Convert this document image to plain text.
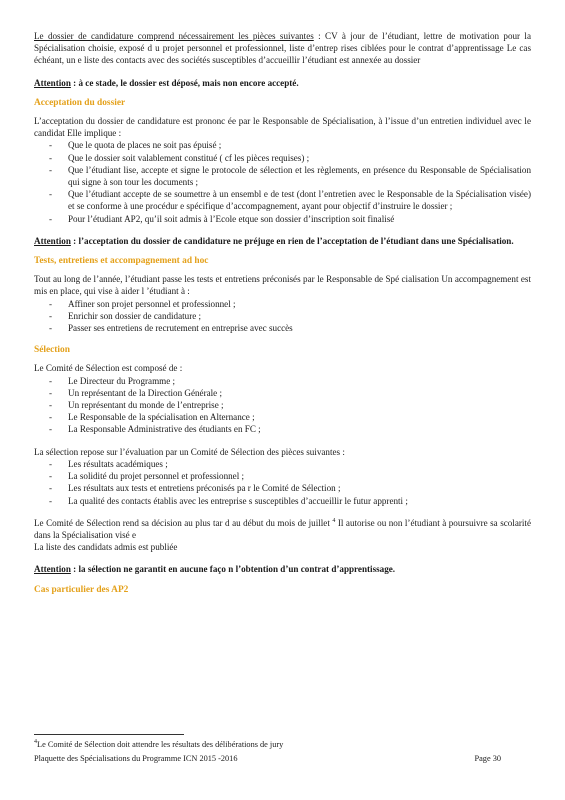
Le dossier de candidature comprend nécessairement les pièces suivantes : CV à jour de l’étudiant, lettre de motivation pour la Spécialisation choisie, exposé d u projet personnel et professionnel, liste d’entrep rises ciblées pour le contrat d’apprentissage Le cas échéant, un e liste des contacts avec des sociétés susceptibles d’accueillir l’étudiant est annexée au dossier

Attention : à ce stade, le dossier est déposé, mais non encore accepté.

Acceptation du dossier

L’acceptation du dossier de candidature est prononc ée par le Responsable de Spécialisation, à l’issue d’un entretien individuel avec le candidat Elle implique :

- Que le quota de places ne soit pas épuisé ;
- Que le dossier soit valablement constitué ( cf les pièces requises) ;
- Que l’étudiant lise, accepte et signe le protocole de sélection et les règlements, en présence du Responsable de Spécialisation qui signe à son tour les documents ;
- Que l’étudiant accepte de se soumettre à un ensembl e de test (dont l’entretien avec le Responsable de la Spécialisation visée) et se conforme à une procédur e spécifique d’accompagnement, ayant pour objectif d’instruire le dossier ;
- Pour l’étudiant AP2, qu’il soit admis à l’Ecole etque son dossier d’inscription soit finalisé

Attention : l’acceptation du dossier de candidature ne préjuge en rien de l’acceptation de l’étudiant dans une Spécialisation.

Tests, entretiens et accompagnement ad hoc

Tout au long de l’année, l’étudiant passe les tests et entretiens préconisés par le Responsable de Spé cialisation Un accompagnement est mis en place, qui vise à aider l ’étudiant à :

- Affiner son projet personnel et professionnel ;
- Enrichir son dossier de candidature ;
- Passer ses entretiens de recrutement en entreprise avec succès

Sélection

Le Comité de Sélection est composé de :

- Le Directeur du Programme ;
- Un représentant de la Direction Générale ;
- Un représentant du monde de l’entreprise ;
- Le Responsable de la spécialisation en Alternance ;
- La Responsable Administrative des étudiants en FC ;

La sélection repose sur l’évaluation par un Comité de Sélection des pièces suivantes :

- Les résultats académiques ;
- La solidité du projet personnel et professionnel ;
- Les résultats aux tests et entretiens préconisés pa r le Comité de Sélection ;
- La qualité des contacts établis avec les entreprise s susceptibles d’accueillir le futur apprenti ;

Le Comité de Sélection rend sa décision au plus tar d au début du mois de juillet $^4$ Il autorise ou non l’étudiant à poursuivre sa scolarité dans la Spécialisation visé e

La liste des candidats admis est publiée

Attention : la sélection ne garantit en aucune faço n l’obtention d’un contrat d’apprentissage.

Cas particulier des AP2

$^4$Le Comité de Sélection doit attendre les résultats des délibérations de jury

Plaquette des Spécialisations du Programme ICN 2015 -2016	Page 30
